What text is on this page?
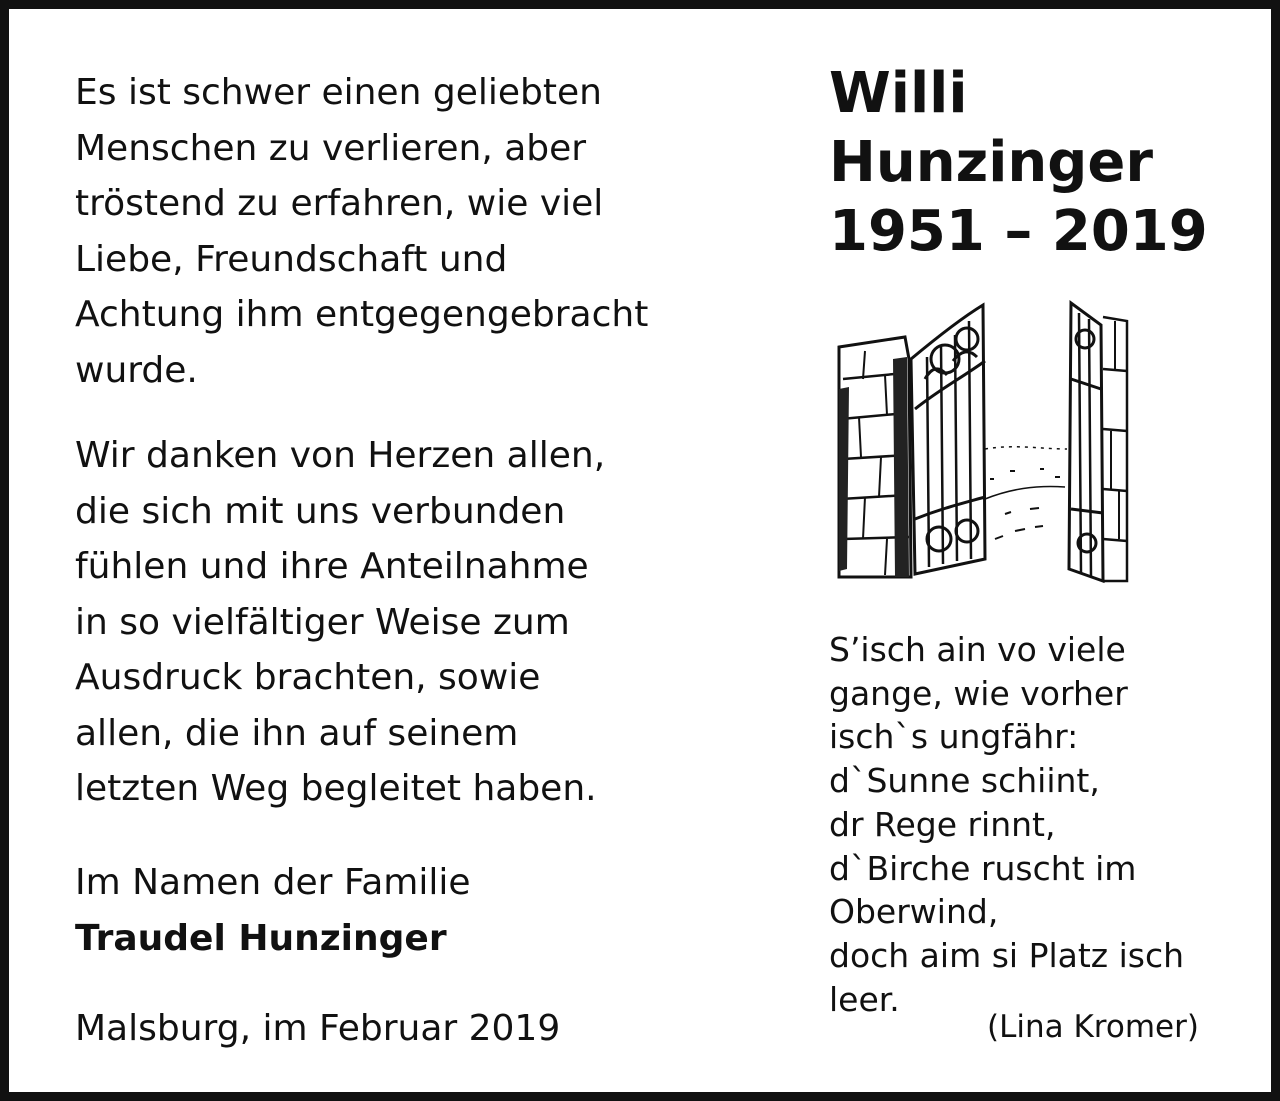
Es ist schwer einen geliebten
Menschen zu verlieren, aber
tröstend zu erfahren, wie viel
Liebe, Freundschaft und
Achtung ihm entgegengebracht
wurde.

Wir danken von Herzen allen,
die sich mit uns verbunden
fühlen und ihre Anteilnahme
in so vielfältiger Weise zum
Ausdruck brachten, sowie
allen, die ihn auf seinem
letzten Weg begleitet haben.

Im Namen der Familie
Traudel Hunzinger

Malsburg, im Februar 2019

Willi
Hunzinger
1951 – 2019
S’isch ain vo viele
gange, wie vorher
isch`s ungfähr:
d`Sunne schiint,
dr Rege rinnt,
d`Birche ruscht im
Oberwind,
doch aim si Platz isch
leer.
(Lina Kromer)
